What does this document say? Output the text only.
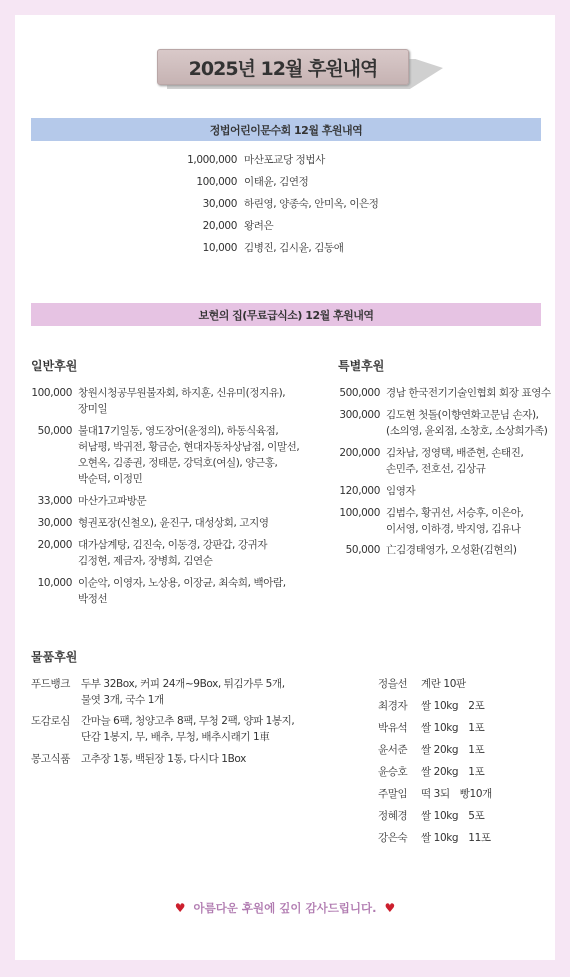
2025년 12월 후원내역
정법어린이문수회 12월 후원내역
1,000,000 마산포교당 정법사
100,000 이태윤, 김연정
30,000 하린영, 양종숙, 안미옥, 이은정
20,000 왕려은
10,000 김병진, 김시윤, 김동애
보현의 집(무료급식소) 12월 후원내역
일반후원
100,000 창원시청공무원불자회, 하지훈, 신유미(정지유),
장미일
50,000 불대17기일동, 영도장어(윤정의), 하동식육점,
허남평, 박귀전, 황금순, 현대자동차상남점, 이말선,
오현옥, 김종권, 정태문, 강덕호(여실), 양근홍,
박순덕, 이정민
33,000 마산가고파방문
30,000 형권포장(신철오), 윤진구, 대성상회, 고지영
20,000 대가삼계탕, 김진숙, 이동경, 강판갑, 강귀자
김정현, 제금자, 장병희, 김연순
10,000 이순악, 이영자, 노상용, 이장균, 최숙희, 백아람,
박정선
특별후원
500,000 경남 한국전기기술인협회 회장 표영수
300,000 김도현 첫돌(이향연화고문님 손자),
(소의영, 윤외점, 소창호, 소상희가족)
200,000 김차남, 정영택, 배준현, 손태진,
손민주, 전호선, 김상규
120,000 임영자
100,000 김범수, 황귀선, 서승후, 이은아,
이서영, 이하경, 박지영, 김유나
50,000 亡김경태영가, 오성환(김현의)
물품후원
푸드뱅크 두부 32Box, 커피 24개~9Box, 튀김가루 5개,
물엿 3개, 국수 1개
도감로심 간마늘 6팩, 청양고추 8팩, 무청 2팩, 양파 1봉지,
단감 1봉지, 무, 배추, 무청, 배추시래기 1車
몽고식품 고추장 1통, 백된장 1통, 다시다 1Box
정을선 계란 10판
최경자 쌀 10kg　2포
박유석 쌀 10kg　1포
윤서준 쌀 20kg　1포
윤승호 쌀 20kg　1포
주말임 떡 3되　빵10개
정혜경 쌀 10kg　5포
강은숙 쌀 10kg　11포
♥ 아름다운 후원에 깊이 감사드립니다. ♥
